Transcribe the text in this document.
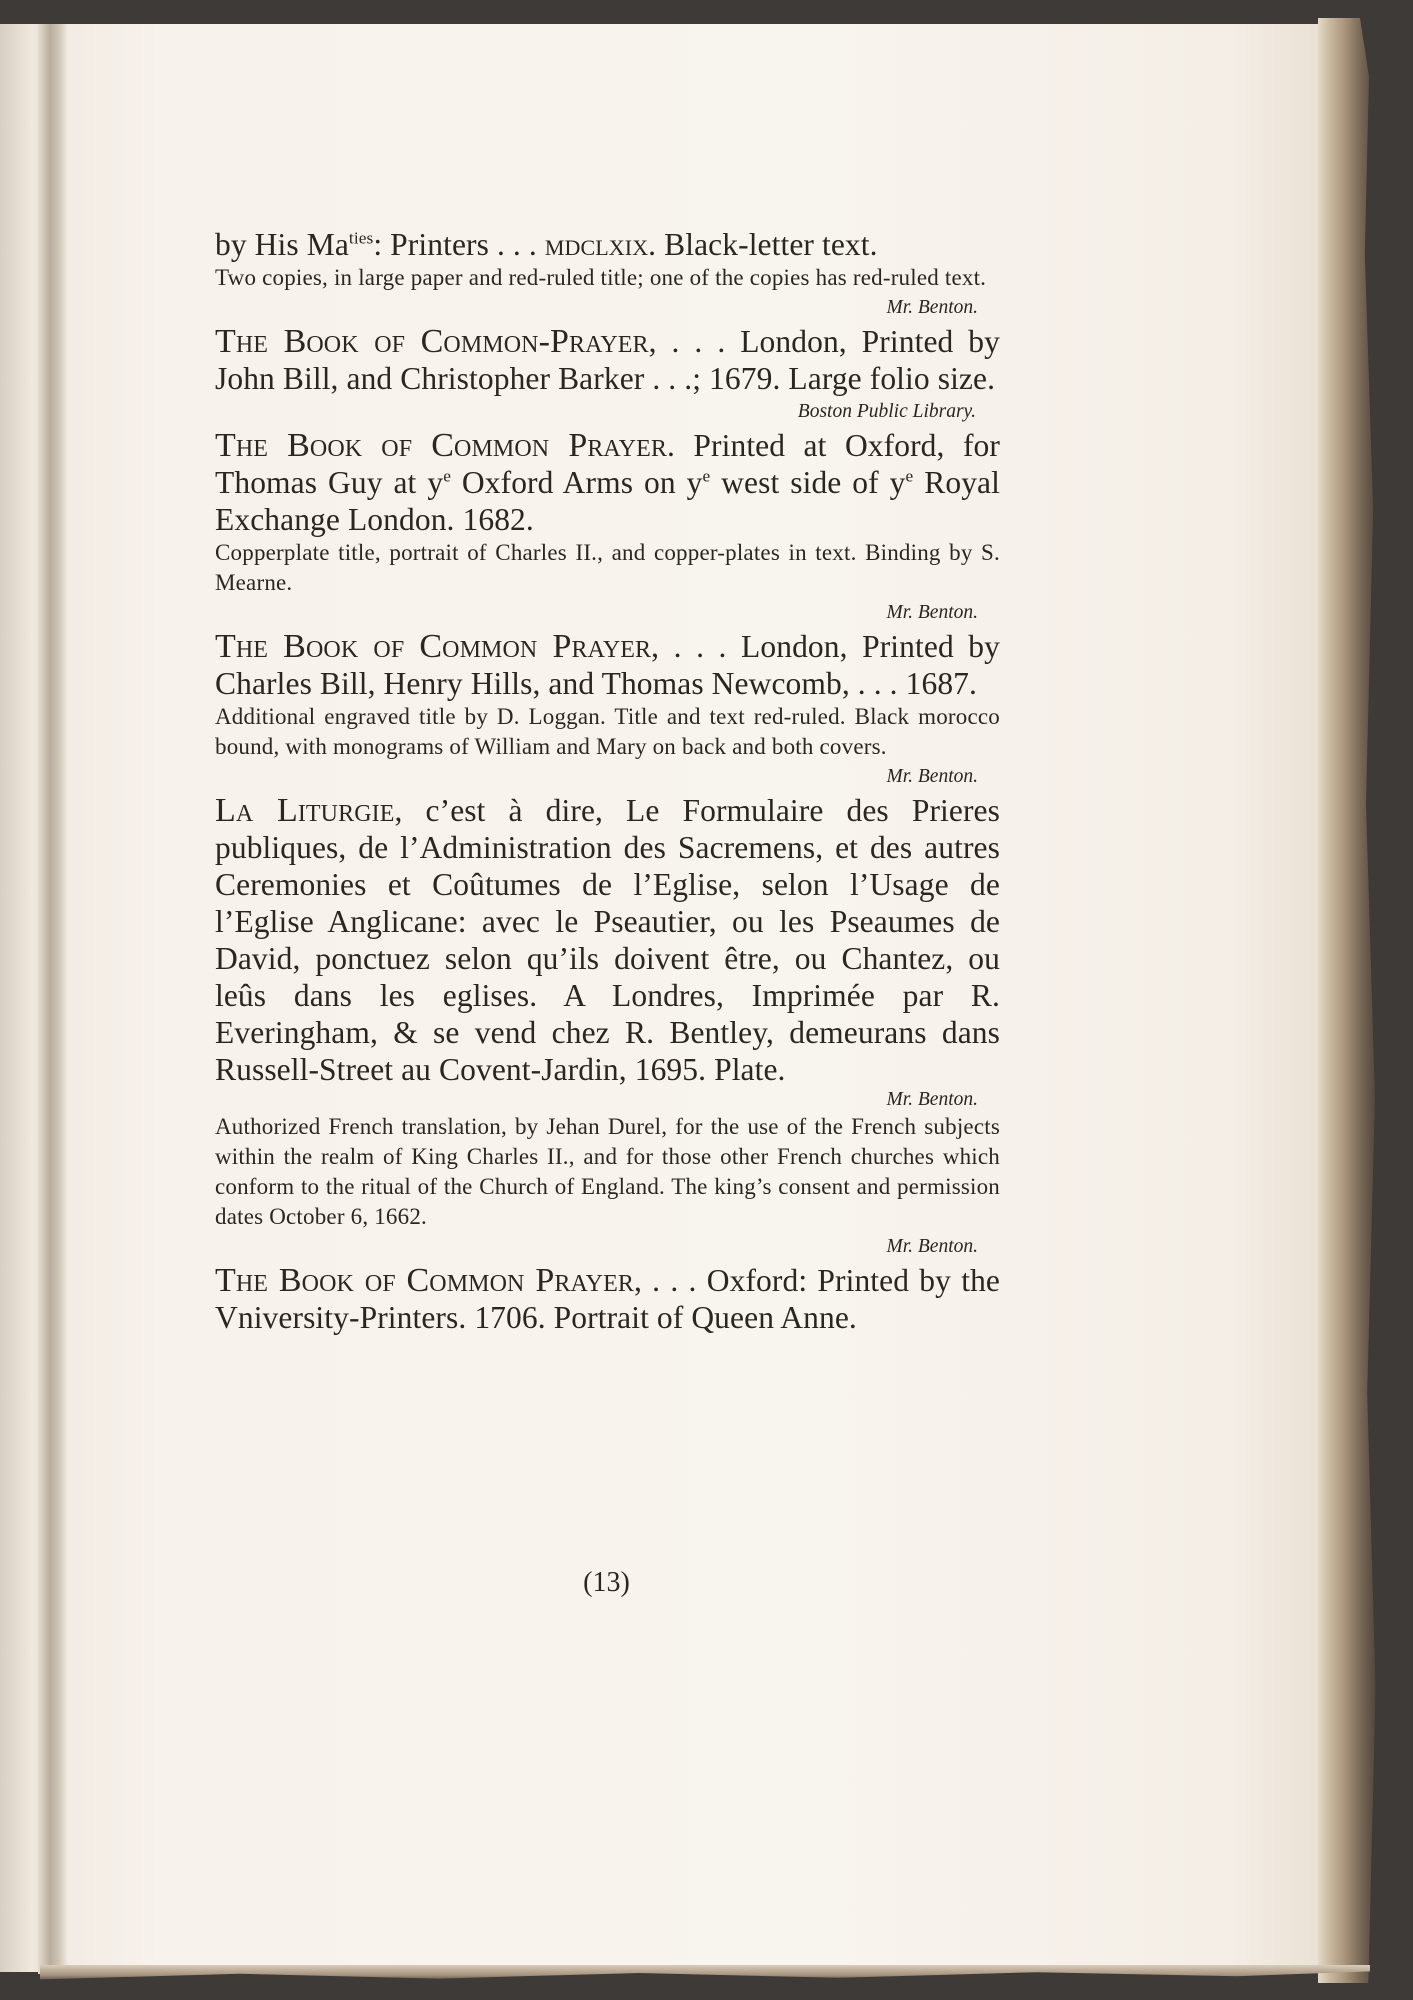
by His $Ma^{ties}$: Printers . . . mdclxix. Black-letter text.

Two copies, in large paper and red-ruled title; one of the copies has red-ruled text.

Mr. Benton.

The Book of Common-Prayer, . . . London, Printed by John Bill, and Christopher Barker . . .; 1679. Large folio size.

Boston Public Library.

The Book of Common Prayer. Printed at Oxford, for Thomas Guy at $y^e$ Oxford Arms on $y^e$ west side of $y^e$ Royal Exchange London. 1682.

Copperplate title, portrait of Charles II., and copper-plates in text. Binding by S. Mearne.

Mr. Benton.

The Book of Common Prayer, . . . London, Printed by Charles Bill, Henry Hills, and Thomas Newcomb, . . . 1687.

Additional engraved title by D. Loggan. Title and text red-ruled. Black morocco bound, with monograms of William and Mary on back and both covers.

Mr. Benton.

La Liturgie, c’est à dire, Le Formulaire des Prieres publiques, de l’Administration des Sacremens, et des autres Ceremonies et Coûtumes de l’Eglise, selon l’Usage de l’Eglise Anglicane: avec le Pseautier, ou les Pseaumes de David, ponctuez selon qu’ils doivent être, ou Chantez, ou leûs dans les eglises. A Londres, Imprimée par R. Everingham, & se vend chez R. Bentley, demeurans dans Russell-Street au Covent-Jardin, 1695. Plate.

Mr. Benton.

Authorized French translation, by Jehan Durel, for the use of the French subjects within the realm of King Charles II., and for those other French churches which conform to the ritual of the Church of England. The king’s consent and permission dates October 6, 1662.

Mr. Benton.

The Book of Common Prayer, . . . Oxford: Printed by the Vniversity-Printers. 1706. Portrait of Queen Anne.

(13)
